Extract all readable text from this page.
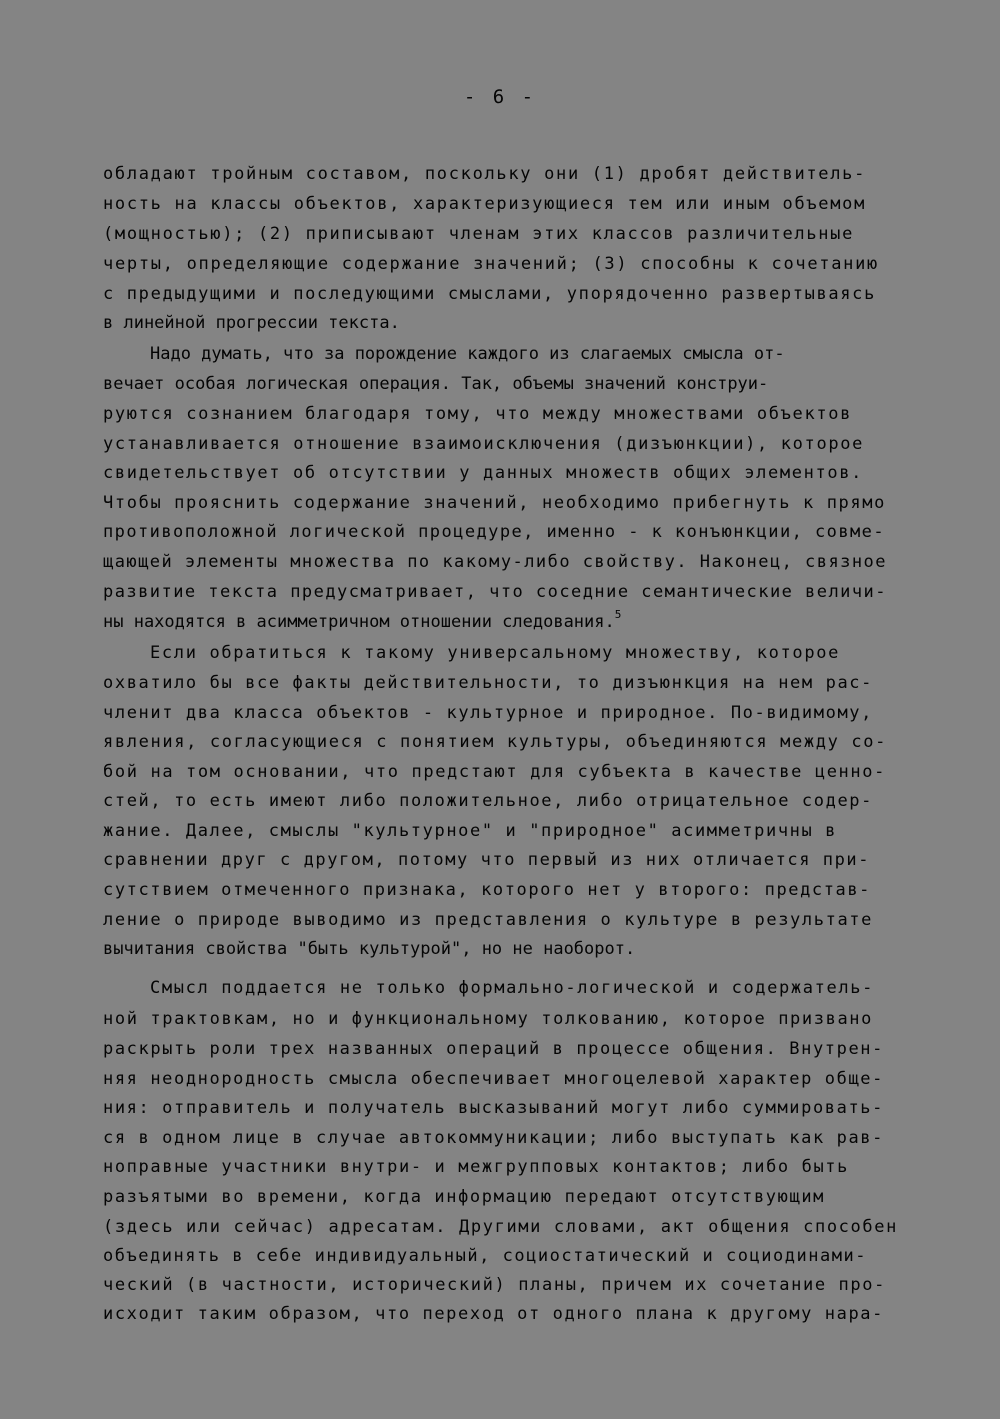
- 6 -
обладают тройным составом, поскольку они (1) дробят действитель-
ность на классы объектов, характеризующиеся тем или иным объемом
(мощностью); (2) приписывают членам этих классов различительные
черты, определяющие содержание значений; (3) способны к сочетанию
с предыдущими и последующими смыслами, упорядоченно развертываясь
в линейной прогрессии текста.
Надо думать, что за порождение каждого из слагаемых смысла от-
вечает особая логическая операция. Так, объемы значений конструи-
руются сознанием благодаря тому, что между множествами объектов
устанавливается отношение взаимоисключения (дизъюнкции), которое
свидетельствует об отсутствии у данных множеств общих элементов.
Чтобы прояснить содержание значений, необходимо прибегнуть к прямо
противоположной логической процедуре, именно - к конъюнкции, совме-
щающей элементы множества по какому-либо свойству. Наконец, связное
развитие текста предусматривает, что соседние семантические величи-
ны находятся в асимметричном отношении следования.$^5$
Если обратиться к такому универсальному множеству, которое
охватило бы все факты действительности, то дизъюнкция на нем рас-
членит два класса объектов - культурное и природное. По-видимому,
явления, согласующиеся с понятием культуры, объединяются между со-
бой на том основании, что предстают для субъекта в качестве ценно-
стей, то есть имеют либо положительное, либо отрицательное содер-
жание. Далее, смыслы "культурное" и "природное" асимметричны в
сравнении друг с другом, потому что первый из них отличается при-
сутствием отмеченного признака, которого нет у второго: представ-
ление о природе выводимо из представления о культуре в результате
вычитания свойства "быть культурой", но не наоборот.
Смысл поддается не только формально-логической и содержатель-
ной трактовкам, но и функциональному толкованию, которое призвано
раскрыть роли трех названных операций в процессе общения. Внутрен-
няя неоднородность смысла обеспечивает многоцелевой характер обще-
ния: отправитель и получатель высказываний могут либо суммировать-
ся в одном лице в случае автокоммуникации; либо выступать как рав-
ноправные участники внутри- и межгрупповых контактов; либо быть
разъятыми во времени, когда информацию передают отсутствующим
(здесь или сейчас) адресатам. Другими словами, акт общения способен
объединять в себе индивидуальный, социостатический и социодинами-
ческий (в частности, исторический) планы, причем их сочетание про-
исходит таким образом, что переход от одного плана к другому нара-
